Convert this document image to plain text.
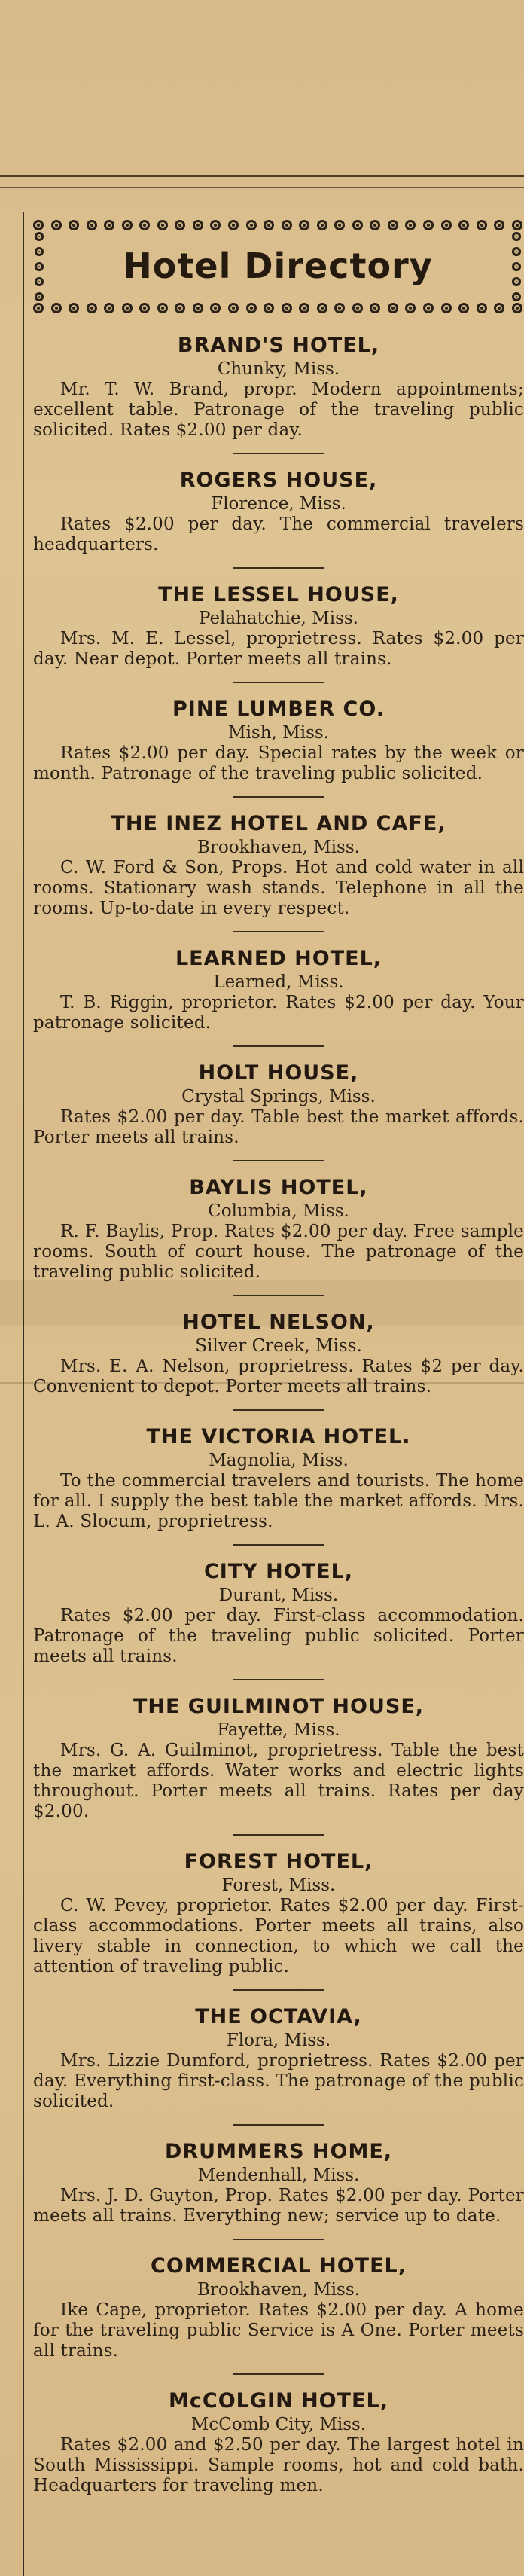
Hotel Directory

BRAND'S HOTEL,

Chunky, Miss.

Mr. T. W. Brand, propr. Modern appointments; excellent table. Patronage of the traveling public solicited. Rates $2.00 per day.

ROGERS HOUSE,

Florence, Miss.

Rates $2.00 per day. The commercial travelers headquarters.

THE LESSEL HOUSE,

Pelahatchie, Miss.

Mrs. M. E. Lessel, proprietress. Rates $2.00 per day. Near depot. Porter meets all trains.

PINE LUMBER CO.

Mish, Miss.

Rates $2.00 per day. Special rates by the week or month. Patronage of the traveling public solicited.

THE INEZ HOTEL AND CAFE,

Brookhaven, Miss.

C. W. Ford & Son, Props. Hot and cold water in all rooms. Stationary wash stands. Telephone in all the rooms. Up-to-date in every respect.

LEARNED HOTEL,

Learned, Miss.

T. B. Riggin, proprietor. Rates $2.00 per day. Your patronage solicited.

HOLT HOUSE,

Crystal Springs, Miss.

Rates $2.00 per day. Table best the market affords. Porter meets all trains.

BAYLIS HOTEL,

Columbia, Miss.

R. F. Baylis, Prop. Rates $2.00 per day. Free sample rooms. South of court house. The patronage of the traveling public solicited.

HOTEL NELSON,

Silver Creek, Miss.

Mrs. E. A. Nelson, proprietress. Rates $2 per day. Convenient to depot. Porter meets all trains.

THE VICTORIA HOTEL.

Magnolia, Miss.

To the commercial travelers and tourists. The home for all. I supply the best table the market affords. Mrs. L. A. Slocum, proprietress.

CITY HOTEL,

Durant, Miss.

Rates $2.00 per day. First-class accommodation. Patronage of the traveling public solicited. Porter meets all trains.

THE GUILMINOT HOUSE,

Fayette, Miss.

Mrs. G. A. Guilminot, proprietress. Table the best the market affords. Water works and electric lights throughout. Porter meets all trains. Rates per day $2.00.

FOREST HOTEL,

Forest, Miss.

C. W. Pevey, proprietor. Rates $2.00 per day. First-class accommodations. Porter meets all trains, also livery stable in connection, to which we call the attention of traveling public.

THE OCTAVIA,

Flora, Miss.

Mrs. Lizzie Dumford, proprietress. Rates $2.00 per day. Everything first-class. The patronage of the public solicited.

DRUMMERS HOME,

Mendenhall, Miss.

Mrs. J. D. Guyton, Prop. Rates $2.00 per day. Porter meets all trains. Everything new; service up to date.

COMMERCIAL HOTEL,

Brookhaven, Miss.

Ike Cape, proprietor. Rates $2.00 per day. A home for the traveling public Service is A One. Porter meets all trains.

McCOLGIN HOTEL,

McComb City, Miss.

Rates $2.00 and $2.50 per day. The largest hotel in South Mississippi. Sample rooms, hot and cold bath. Headquarters for traveling men.
